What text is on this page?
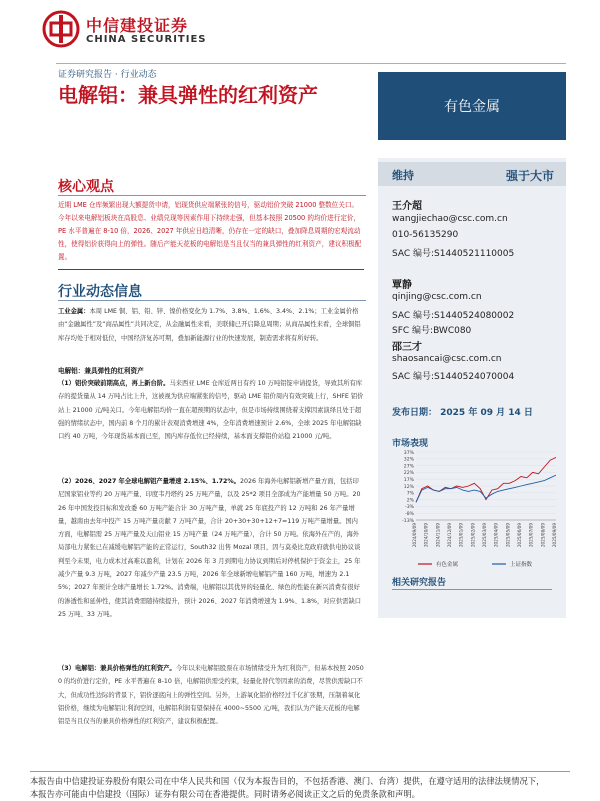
中信建投证券
CHINA SECURITIES
证券研究报告 · 行业动态
电解铝：兼具弹性的红利资产	有色金属
维持	强于大市
王介超
wangjiechao@csc.com.cn
010-56135290
SAC 编号:S1440521110005
覃静
qinjing@csc.com.cn
SAC 编号:S1440524080002
SFC 编号:BWC080
邵三才
shaosancai@csc.com.cn
SAC 编号:S1440524070004
发布日期： 2025 年 09 月 14 日
市场表现
37%
32%
27%
22%
17%
12%
7%
2%
-3%
-8%
-13%
2024/09/09 2024/10/09 2024/11/09 2024/12/09 2025/01/09 2025/02/09 2025/03/09 2025/04/09 2025/05/09 2025/06/09 2025/07/09 2025/08/09 2025/09/09
有色金属	上证指数
相关研究报告
核心观点
近期 LME 仓库频繁出现大额提货申请，铝现货供应端紧张的信号，驱动铝价突破 21000 整数位关口。今年以来电解铝板块在高股息、业绩兑现等因素作用下持续走强，但基本按照 20500 的均价进行定价，PE 水平普遍在 8-10 倍，2026、2027 年供应日趋清晰，仍存在一定的缺口，叠加降息周期的宏观流动性，使得铝价获得向上的弹性。随后产能天花板的电解铝是当且仅当的兼具弹性的红利资产，建议积极配置。
行业动态信息
工业金属：本周 LME 铜、铝、铅、锌、镍价格变化为 1.7%、3.8%、1.6%、3.4%、2.1%；工业金属价格由“金融属性”及“商品属性”共同决定，从金融属性来看，美联储已开启降息周期；从商品属性来看，全球铜铝库存均处于相对低位，中国经济复苏可期，叠加新能源行业的快速发展，制造需求将有所好转。
电解铝：兼具弹性的红利资产
（1）铝价突破前期高点，再上新台阶。马来西亚 LME 仓库近两日有约 10 万吨铝锭申请提货，导致其所有库存的提货量从 14 万吨占比上升，这被视为供应端紧张的信号，驱动 LME 铝价周内有效突破上行，SHFE 铝价站上 21000 元/吨关口。今年电解铝均价一直在超预期的状态中，但是市场持续围绕着支撑因素演绎且处于超强的情绪状态中，国内前 8 个月的累计表观消费增速 4%，全年消费增速预计 2.6%，全球 2025 年电解铝缺口约 40 万吨，今年现货基本面已至，国内库存低位已经持续，基本面支撑铝价站稳 21000 元/吨。
（2）2026、2027 年全球电解铝产量增速 2.15%、1.72%。2026 年海外电解铝新增产量方面，包括印尼国家铝业等约 20 万吨产量、印度韦丹塔约 25 万吨产量，以及 25*2 项目全部成为产能增量 50 万吨。2026 年中国发投目标和发改委 60 万吨产能合计 30 万吨产量，单就 25 年底投产的 12 万吨和 26 年产量增量，越南由去年中投产 15 万吨产量贡献 7 万吨产量，合计 20+30+30+12+7=119 万吨产量增量。国内方面，电解铝需 25 万吨产量及天山铝业 15 万吨产量（24 万吨产量），合计 50 万吨。依海外在产的，海外局部电力紧张已在减缓电解铝产能的正常运行，South32 出售 Mozal 项目，因与莫桑比克政府就供电协议谈判至今未果，电力成本过高难以盈利，计划在 2026 年 3 月到期电力协议到期后对停机保护于资金主，25 年减少产量 9.3 万吨，2027 年减少产量 23.5 万吨，2026 年全球新增电解铝产量 160 万吨，增速为 2.15%；2027 年预计全球产量增长 1.72%。消费端，电解铝以其优异的轻量化、绿色的性能在新兴消费有很好的渗透性和延伸性，使其消费需随持续提升，预计 2026、2027 年消费增速为 1.9%、1.8%，对应供需缺口 25 万吨、33 万吨。
（3）电解铝：兼具价格弹性的红利资产。今年以来电解铝股票在市场情绪受升为红利资产，但基本按照 20500 的均价进行定价，PE 水平普遍在 8-10 倍，电解铝供需受约束，轻量化替代等因素的消费，尽管供需缺口不大，但成功性边际的背景下，铝价逐底向上的弹性空间。另外，上游氧化铝价格经过千亿扩张期，压制着氧化铝价格，继续为电解铝让利润空间，电解铝利润有望保持在 4000~5500 元/吨，我们认为产能天花板的电解铝是当且仅当的兼具价格弹性的红利资产，建议积极配置。
本报告由中信建投证券股份有限公司在中华人民共和国（仅为本报告目的，不包括香港、澳门、台湾）提供，在遵守适用的法律法规情况下，
本报告亦可能由中信建投（国际）证券有限公司在香港提供。同时请务必阅读正文之后的免责条款和声明。
